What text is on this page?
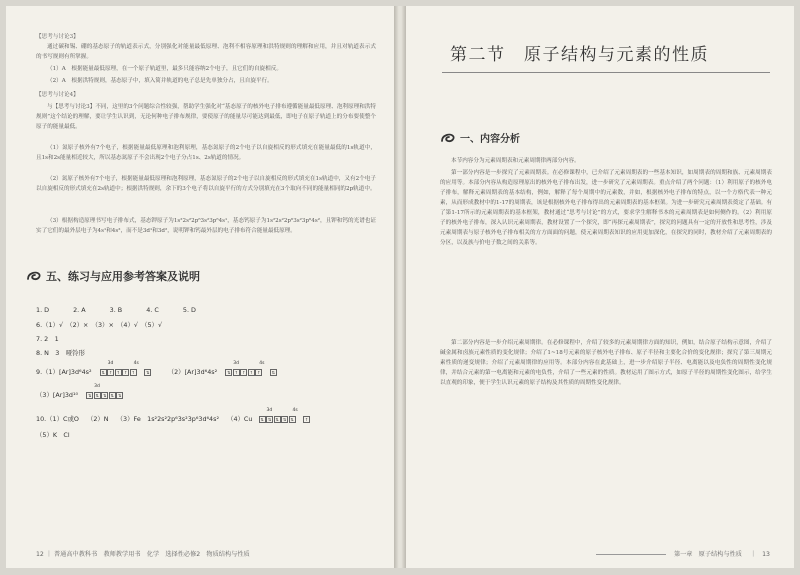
【思考与讨论3】
通过碳和锡、硼的基态原子的轨道表示式，分别强化对能量最低原理、泡利不相容原理和洪特规则的理解和应用，并且对轨道表示式的书写规则有所掌握。
（1）A　根据能量最低原理，在一个原子轨道里，最多只能容纳2个电子，且它们的自旋相反。
（2）A　根据洪特规则，基态原子中，填入简并轨道的电子总是先单独分占，且自旋平行。
【思考与讨论4】
与【思考与讨论3】不同，这里的3个问题综合性较强，帮助学生强化对“基态原子的核外电子排布遵循能量最低原理、泡利原理和洪特规则”这个结论的理解，要让学生认识到，无论何种电子排布规律，要使原子的能量尽可能达到最低，即电子在原子轨道上的分布要使整个原子的能量最低。
（1）氮原子核外有7个电子，根据能量最低原理和泡利原理，基态氮原子的2个电子以自旋相反的形式填充在能量最低的1s轨道中，且1s和2s能量相近较大，所以基态氮原子不会出现2个电子分占1s、2s轨道的情况。
（2）氮原子核外有7个电子，根据能量最低原理和泡利原理，基态氮原子的2个电子以自旋相反的形式填充在1s轨道中，又有2个电子以自旋相反的形式填充在2s轨道中；根据洪特规则，余下的3个电子将以自旋平行的方式分别填充在3个取向不同的能量相同的2p轨道中。
（3）根据构造原理书写电子排布式，基态钾原子为1s²2s²2p⁶3s²3p⁶4s¹，基态钙原子为1s²2s²2p⁶3s²3p⁶4s²，且钾和钙的光谱也证实了它们的最外层电子为4s¹和4s²，而不是3d¹和3d²，说明钾和钙最外层的电子排布符合能量最低原理。
五、练习与应用参考答案及说明
1. D	2. A	3. B	4. C	5. D
6.（1）√　（2）×　（3）×　（4）√　（5）√
7. 2　1
8. N　3　哑铃形
9.（1）[Ar]3d⁶4s²
3d
⇅ ↑ ↑ ↑ ↑
4s
⇅	（2）[Ar]3d⁶4s²
3d
⇅ ↑ ↑ ↑ ↑
4s
⇅
（3）[Ar]3d¹⁰
3d
⇅ ⇅ ⇅ ⇅ ⇅
10.（1）C或O （2）N （3）Fe　1s²2s²2p⁶3s²3p⁶3d⁶4s² （4）Cu
3d
⇅ ⇅ ⇅ ⇅ ⇅
4s
↑
（5）K　Cl
12 ｜ 普通高中教科书　教师教学用书　化学　选择性必修2　物质结构与性质
第二节　原子结构与元素的性质
一、内容分析
本节内容分为元素周期表和元素周期律两部分内容。
第一部分内容是一步探究了元素周期表。在必修课程中，已介绍了元素周期表的一些基本知识，如周期表的周期和族、元素周期表的应用等。本部分内容从构造原理原出的核外电子排布出发，进一步研究了元素周期表。重点介绍了两个问题：（1）利用原子的核外电子排布，解释元素周期表的基本结构，例如，解释了每个周期中的元素数，并如，根据核外电子排布的特点，以一个方格代表一种元素，从而形成教材中的1-17的周期表，该是根据核外电子排布得出的元素周期表的基本框架。为进一步研究元素周期表奠定了基础。有了第1-17所示的元素周期表的基本框架，教材通过“思考与讨论”的方式，要求学生解释书本的元素周期表是如何侧作的。（2）利用原子的核外电子排布，深入认识元素周期表，教材设置了一个探究，即“再探元素周期表”，探究的问题具有一定的开放性和思考性，涉及元素周期表与原子核外电子排布相关的方方面面的问题，使元素周期表知识的应用更加深化，在探究的同时，教材介绍了元素周期表的分区，以及族与价电子数之间的关系等。
第二部分内容是一步介绍元素周期律。在必修课程中，介绍了较多的元素周期律方面的知识，例如，结合原子结构示意图，介绍了碱金属和卤族元素性质的变化规律；介绍了1~18号元素的原子核外电子排布、原子半径和主要化合价的变化规律；探究了第三周期元素性质的递变规律；介绍了元素周期律的应用等。本部分内容在此基础上，进一步介绍原子半径、电离能以及电负性的周期性变化规律，并结合元素的第一电离能和元素的电负性，介绍了一些元素的性质。教材运用了图示方式，如原子半径的周期性变化图示，给学生以直观的印象，便于学生认识元素的原子结构及其性质的周期性变化规律。
第一章　原子结构与性质 ｜ 13
